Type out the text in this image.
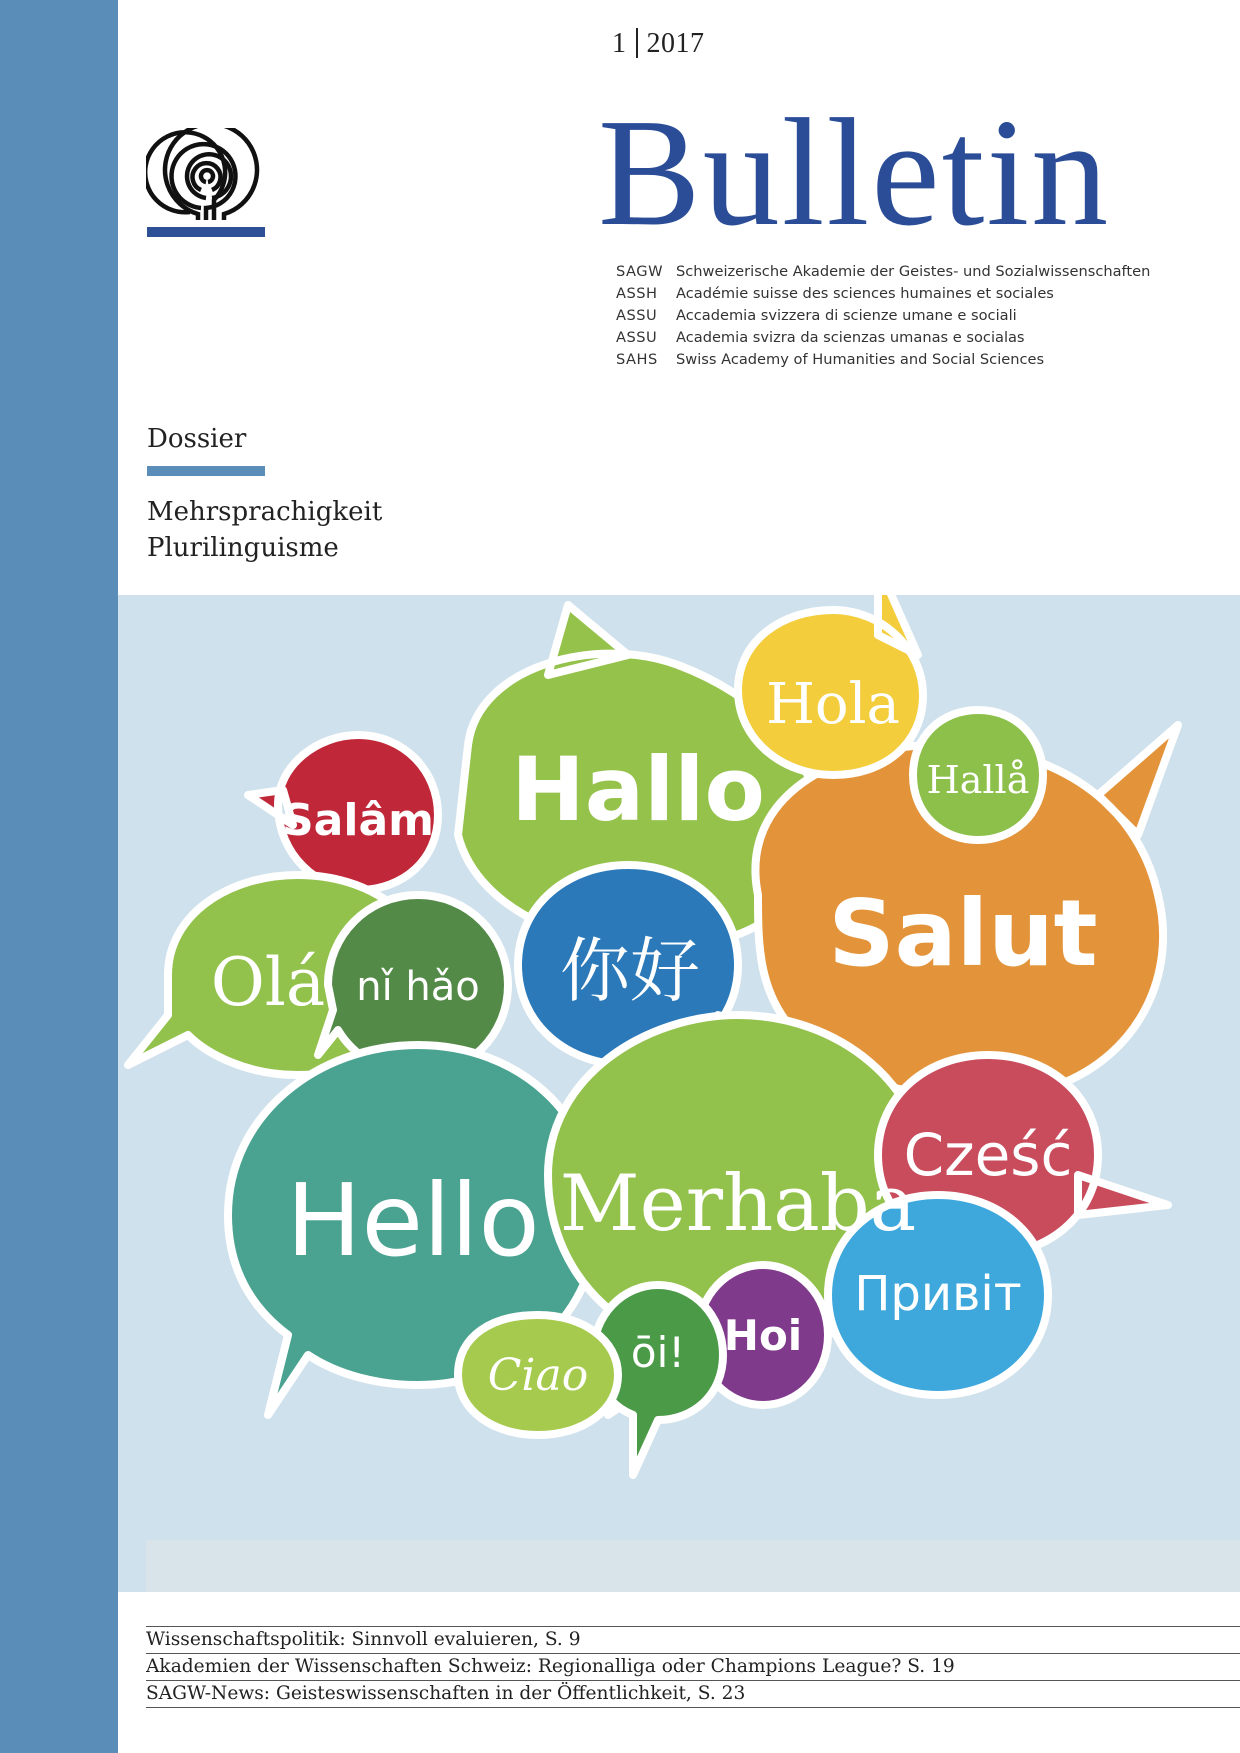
1 2017
Bulletin
SAGW Schweizerische Akademie der Geistes- und Sozialwissenschaften
ASSH	Académie suisse des sciences humaines et sociales
ASSU	Accademia svizzera di scienze umane e sociali
ASSU	Academia svizra da scienzas umanas e socialas
SAHS	Swiss Academy of Humanities and Social Sciences
Dossier
Mehrsprachigkeit
Plurilinguisme
Hallo
Hola
Hallå
Salâm
Olá nǐ hǎo 你好 Salut
Hello Merhaba
Cześć
Ciao ōi! Hoi
Привiт
Wissenschaftspolitik: Sinnvoll evaluieren, S. 9
Akademien der Wissenschaften Schweiz: Regionalliga oder Champions League? S. 19
SAGW-News: Geisteswissenschaften in der Öffentlichkeit, S. 23
